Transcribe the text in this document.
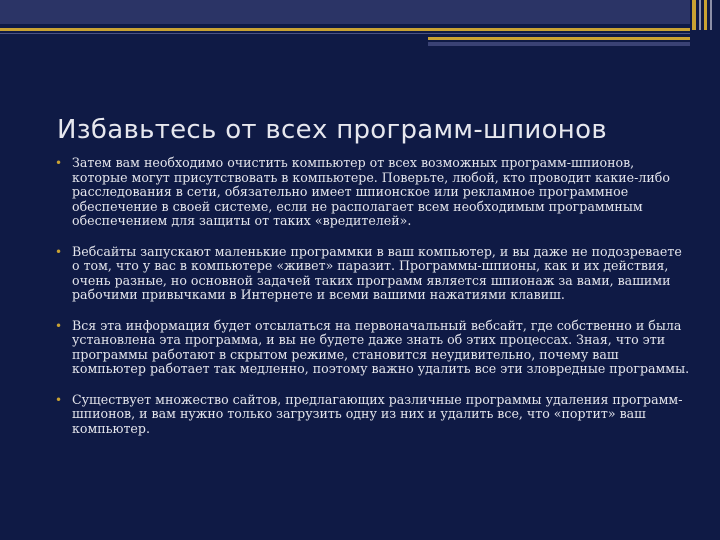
Избавьтесь от всех программ-шпионов
• Затем вам необходимо очистить компьютер от всех возможных программ-шпионов, которые могут присутствовать в компьютере. Поверьте, любой, кто проводит какие-либо расследования в сети, обязательно имеет шпионское или рекламное программное обеспечение в своей системе, если не располагает всем необходимым программным обеспечением для защиты от таких «вредителей».
• Вебсайты запускают маленькие программки в ваш компьютер, и вы даже не подозреваете о том, что у вас в компьютере «живет» паразит. Программы-шпионы, как и их действия, очень разные, но основной задачей таких программ является шпионаж за вами, вашими рабочими привычками в Интернете и всеми вашими нажатиями клавиш.
• Вся эта информация будет отсылаться на первоначальный вебсайт, где собственно и была установлена эта программа, и вы не будете даже знать об этих процессах. Зная, что эти программы работают в скрытом режиме, становится неудивительно, почему ваш компьютер работает так медленно, поэтому важно удалить все эти зловредные программы.
• Существует множество сайтов, предлагающих различные программы удаления программ-шпионов, и вам нужно только загрузить одну из них и удалить все, что «портит» ваш компьютер.
